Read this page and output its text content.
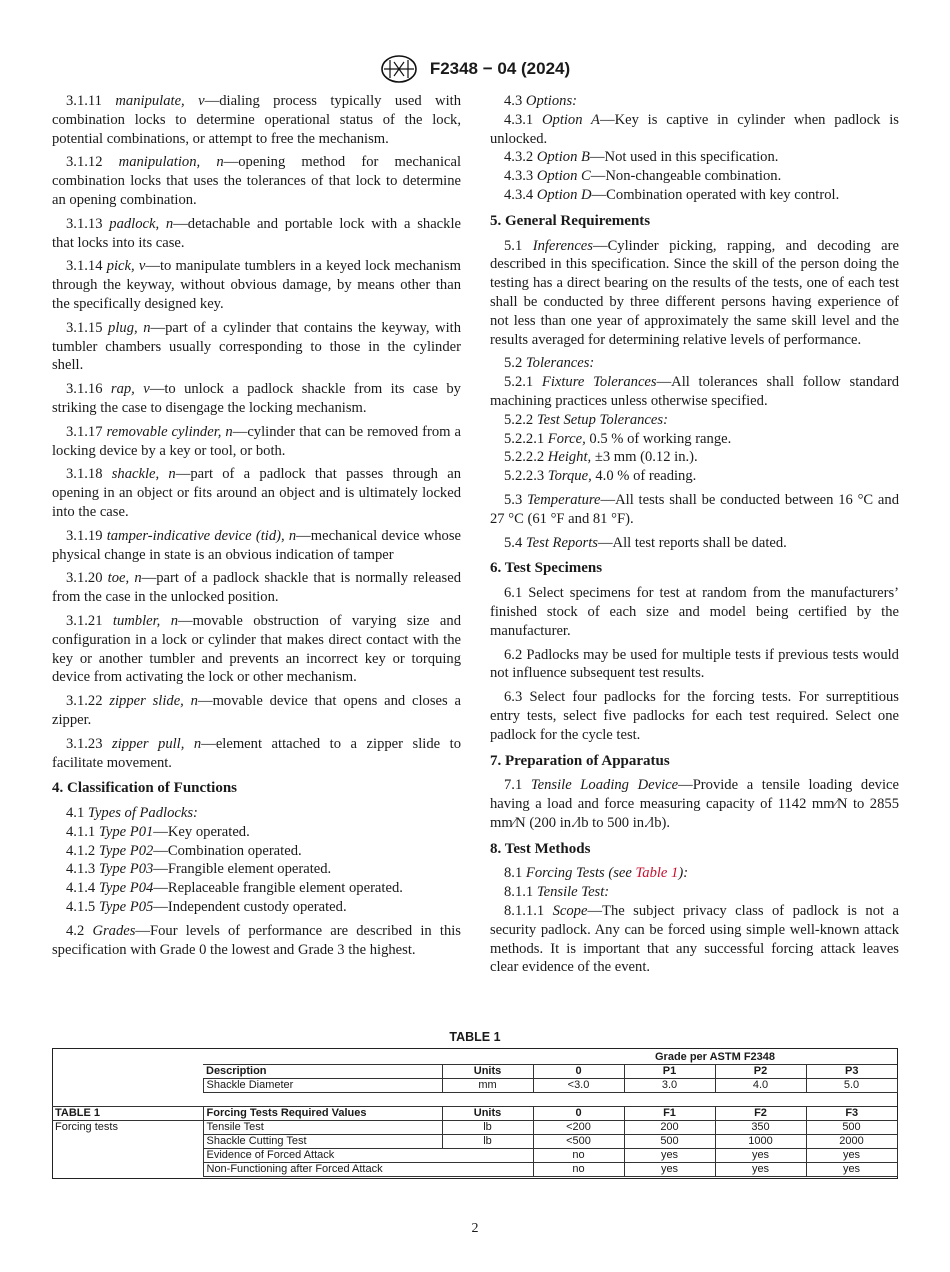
F2348 − 04 (2024)

3.1.11 manipulate, v—dialing process typically used with combination locks to determine operational status of the lock, potential combinations, or attempt to free the mechanism.

3.1.12 manipulation, n—opening method for mechanical combination locks that uses the tolerances of that lock to determine an opening combination.

3.1.13 padlock, n—detachable and portable lock with a shackle that locks into its case.

3.1.14 pick, v—to manipulate tumblers in a keyed lock mechanism through the keyway, without obvious damage, by means other than the specifically designed key.

3.1.15 plug, n—part of a cylinder that contains the keyway, with tumbler chambers usually corresponding to those in the cylinder shell.

3.1.16 rap, v—to unlock a padlock shackle from its case by striking the case to disengage the locking mechanism.

3.1.17 removable cylinder, n—cylinder that can be removed from a locking device by a key or tool, or both.

3.1.18 shackle, n—part of a padlock that passes through an opening in an object or fits around an object and is ultimately locked into the case.

3.1.19 tamper-indicative device (tid), n—mechanical device whose physical change in state is an obvious indication of tamper

3.1.20 toe, n—part of a padlock shackle that is normally released from the case in the unlocked position.

3.1.21 tumbler, n—movable obstruction of varying size and configuration in a lock or cylinder that makes direct contact with the key or another tumbler and prevents an incorrect key or torquing device from activating the lock or other mechanism.

3.1.22 zipper slide, n—movable device that opens and closes a zipper.

3.1.23 zipper pull, n—element attached to a zipper slide to facilitate movement.

4. Classification of Functions

4.1 Types of Padlocks:

4.1.1 Type P01—Key operated.

4.1.2 Type P02—Combination operated.

4.1.3 Type P03—Frangible element operated.

4.1.4 Type P04—Replaceable frangible element operated.

4.1.5 Type P05—Independent custody operated.

4.2 Grades—Four levels of performance are described in this specification with Grade 0 the lowest and Grade 3 the highest.

4.3 Options:

4.3.1 Option A—Key is captive in cylinder when padlock is unlocked.

4.3.2 Option B—Not used in this specification.

4.3.3 Option C—Non-changeable combination.

4.3.4 Option D—Combination operated with key control.

5. General Requirements

5.1 Inferences—Cylinder picking, rapping, and decoding are described in this specification. Since the skill of the person doing the testing has a direct bearing on the results of the tests, one of each test shall be conducted by three different persons having experience of not less than one year of approximately the same skill level and the results averaged for determining relative levels of performance.

5.2 Tolerances:

5.2.1 Fixture Tolerances—All tolerances shall follow standard machining practices unless otherwise specified.

5.2.2 Test Setup Tolerances:

5.2.2.1 Force, 0.5 % of working range.

5.2.2.2 Height, ±3 mm (0.12 in.).

5.2.2.3 Torque, 4.0 % of reading.

5.3 Temperature—All tests shall be conducted between 16 °C and 27 °C (61 °F and 81 °F).

5.4 Test Reports—All test reports shall be dated.

6. Test Specimens

6.1 Select specimens for test at random from the manufacturers’ finished stock of each size and model being certified by the manufacturer.

6.2 Padlocks may be used for multiple tests if previous tests would not influence subsequent test results.

6.3 Select four padlocks for the forcing tests. For surreptitious entry tests, select five padlocks for each test required. Select one padlock for the cycle test.

7. Preparation of Apparatus

7.1 Tensile Loading Device—Provide a tensile loading device having a load and force measuring capacity of 1142 mm⁄N to 2855 mm⁄N (200 in.⁄lb to 500 in.⁄lb).

8. Test Methods

8.1 Forcing Tests (see Table 1):

8.1.1 Tensile Test:

8.1.1.1 Scope—The subject privacy class of padlock is not a security padlock. Any can be forced using simple well-known attack methods. It is important that any successful forcing attack leaves clear evidence of the event.

TABLE 1
			Grade per ASTM F2348			
	Description	Units	0	P1	P2	P3
	Shackle Diameter	mm	<3.0	3.0	4.0	5.0

TABLE 1	Forcing Tests Required Values	Units	0	F1	F2	F3
Forcing tests	Tensile Test	lb	<200	200	350	500
	Shackle Cutting Test	lb	<500	500	1000	2000
	Evidence of Forced Attack		no	yes	yes	yes
	Non-Functioning after Forced Attack		no	yes	yes	yes
2
